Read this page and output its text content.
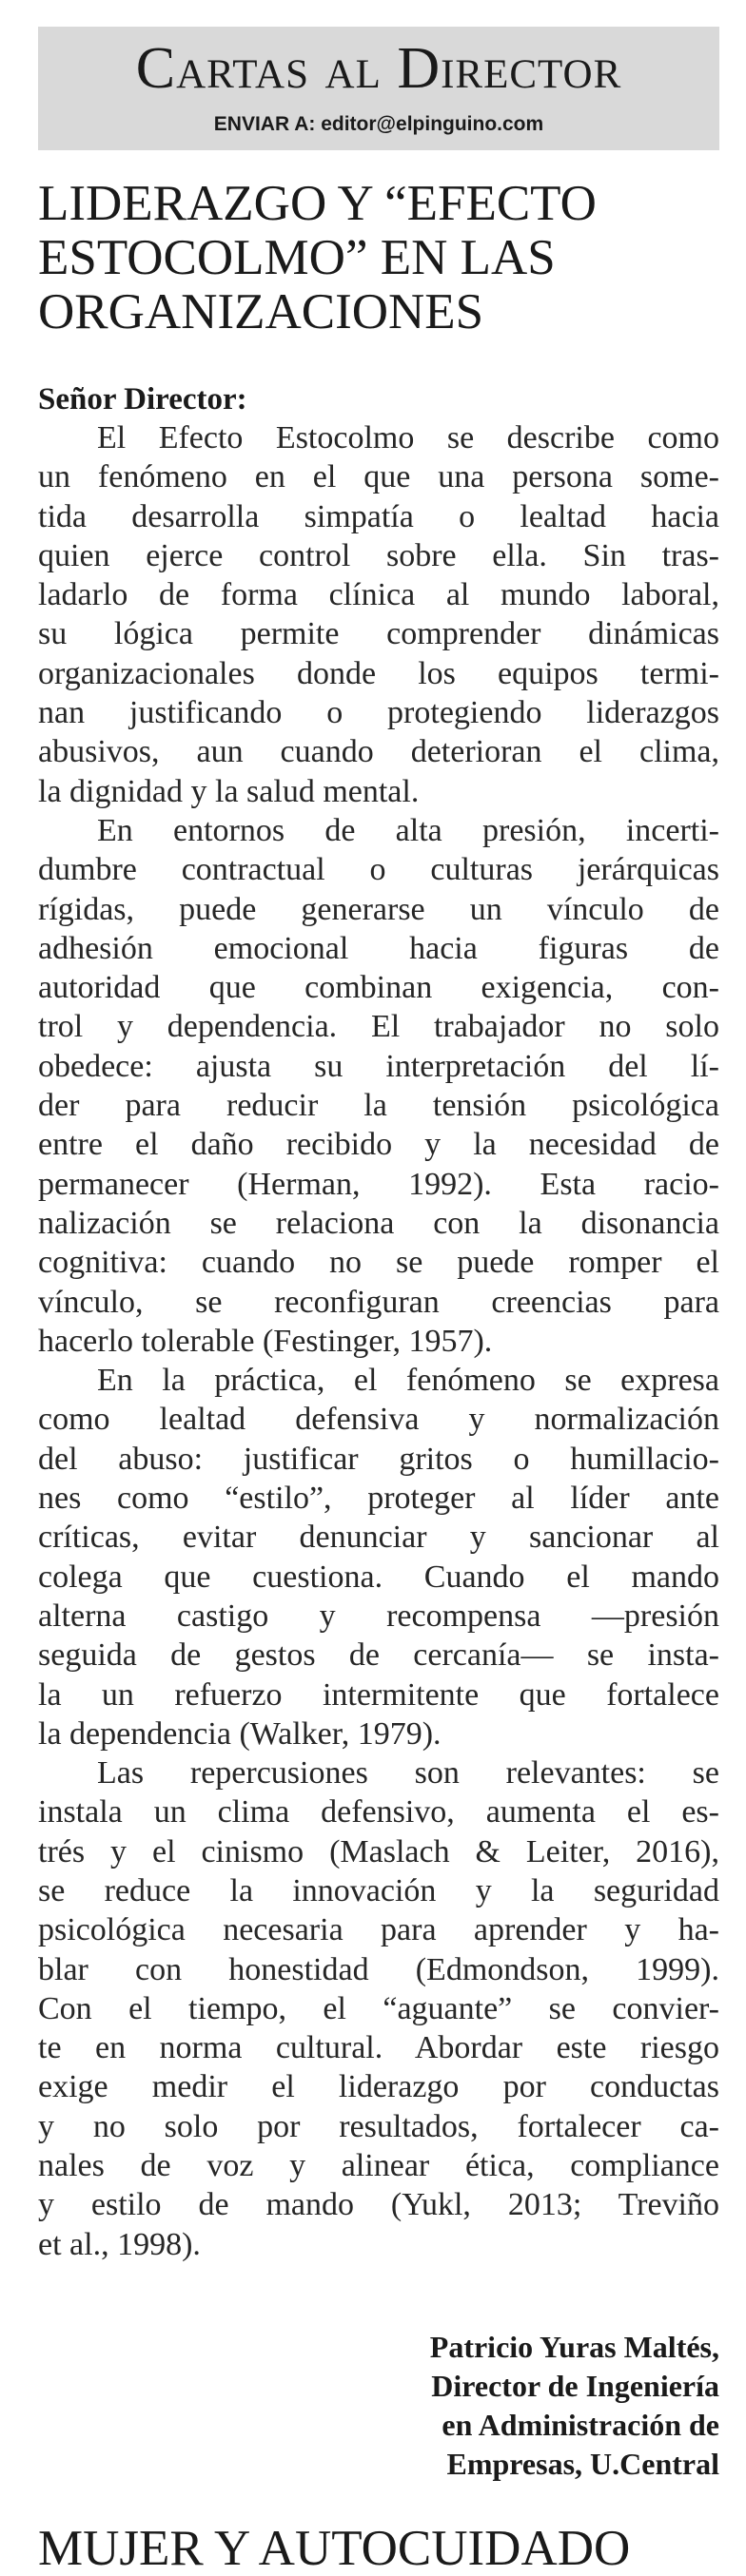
Cartas al Director
ENVIAR A: editor@elpinguino.com
LIDERAZGO Y “EFECTO
ESTOCOLMO” EN LAS
ORGANIZACIONES
Señor Director:
El Efecto Estocolmo se describe como
un fenómeno en el que una persona some-
tida desarrolla simpatía o lealtad hacia
quien ejerce control sobre ella. Sin tras-
ladarlo de forma clínica al mundo laboral,
su lógica permite comprender dinámicas
organizacionales donde los equipos termi-
nan justificando o protegiendo liderazgos
abusivos, aun cuando deterioran el clima,
la dignidad y la salud mental.
En entornos de alta presión, incerti-
dumbre contractual o culturas jerárquicas
rígidas, puede generarse un vínculo de
adhesión emocional hacia figuras de
autoridad que combinan exigencia, con-
trol y dependencia. El trabajador no solo
obedece: ajusta su interpretación del lí-
der para reducir la tensión psicológica
entre el daño recibido y la necesidad de
permanecer (Herman, 1992). Esta racio-
nalización se relaciona con la disonancia
cognitiva: cuando no se puede romper el
vínculo, se reconfiguran creencias para
hacerlo tolerable (Festinger, 1957).
En la práctica, el fenómeno se expresa
como lealtad defensiva y normalización
del abuso: justificar gritos o humillacio-
nes como “estilo”, proteger al líder ante
críticas, evitar denunciar y sancionar al
colega que cuestiona. Cuando el mando
alterna castigo y recompensa —presión
seguida de gestos de cercanía— se insta-
la un refuerzo intermitente que fortalece
la dependencia (Walker, 1979).
Las repercusiones son relevantes: se
instala un clima defensivo, aumenta el es-
trés y el cinismo (Maslach & Leiter, 2016),
se reduce la innovación y la seguridad
psicológica necesaria para aprender y ha-
blar con honestidad (Edmondson, 1999).
Con el tiempo, el “aguante” se convier-
te en norma cultural. Abordar este riesgo
exige medir el liderazgo por conductas
y no solo por resultados, fortalecer ca-
nales de voz y alinear ética, compliance
y estilo de mando (Yukl, 2013; Treviño
et al., 1998).
Patricio Yuras Maltés,
Director de Ingeniería
en Administración de
Empresas, U.Central
MUJER Y AUTOCUIDADO
